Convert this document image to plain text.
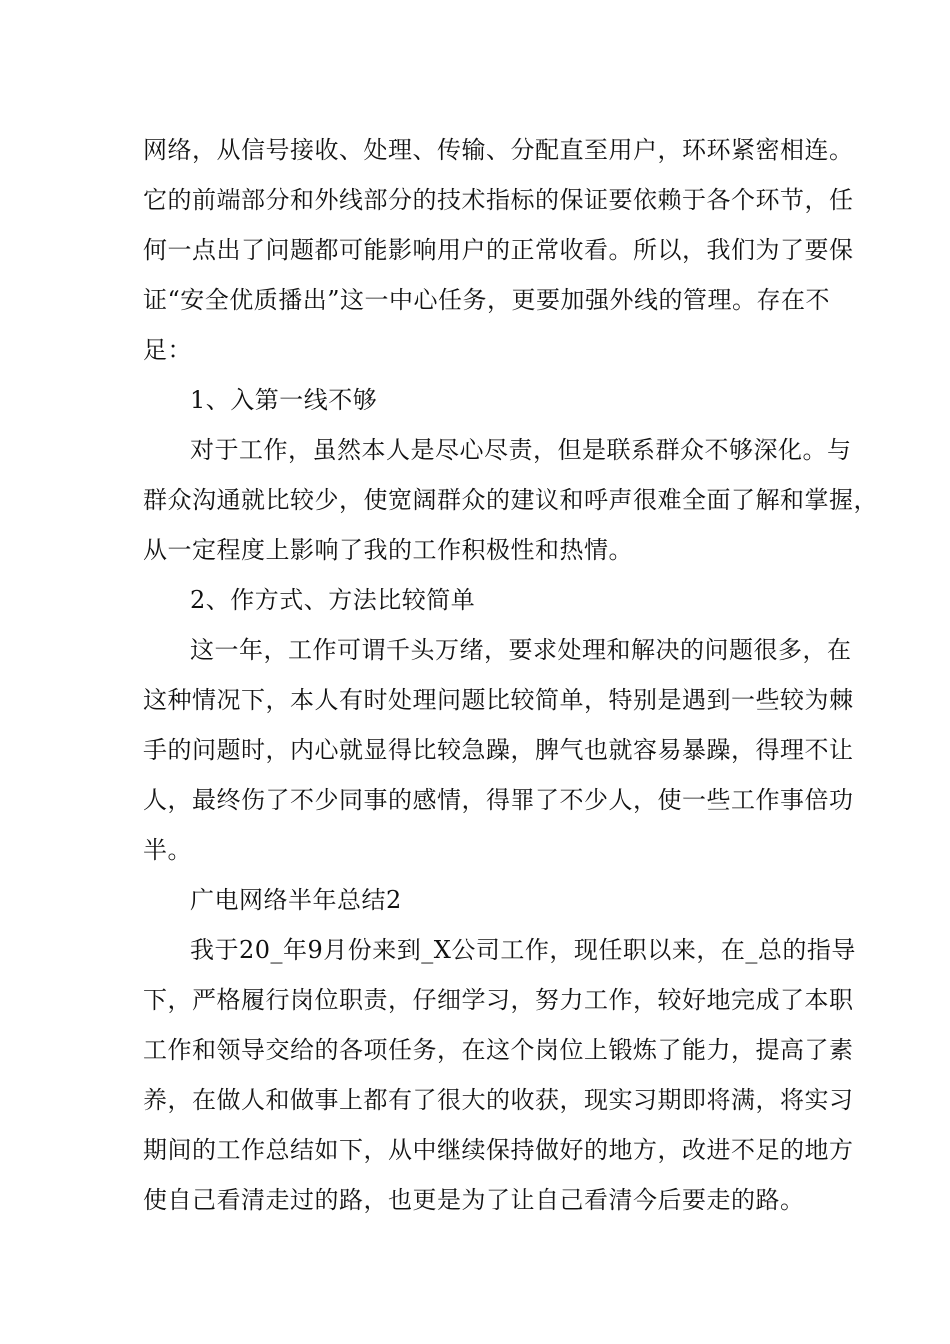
网络，从信号接收、处理、传输、分配直至用户，环环紧密相连。
它的前端部分和外线部分的技术指标的保证要依赖于各个环节，任
何一点出了问题都可能影响用户的正常收看。所以，我们为了要保
证“安全优质播出”这一中心任务，更要加强外线的管理。存在不
足：
1、入第一线不够
对于工作，虽然本人是尽心尽责，但是联系群众不够深化。与
群众沟通就比较少，使宽阔群众的建议和呼声很难全面了解和掌握，
从一定程度上影响了我的工作积极性和热情。
2、作方式、方法比较简单
这一年，工作可谓千头万绪，要求处理和解决的问题很多，在
这种情况下，本人有时处理问题比较简单，特别是遇到一些较为棘
手的问题时，内心就显得比较急躁，脾气也就容易暴躁，得理不让
人，最终伤了不少同事的感情，得罪了不少人，使一些工作事倍功
半。
广电网络半年总结2
我于20_年9月份来到_X公司工作，现任职以来，在_总的指导
下，严格履行岗位职责，仔细学习，努力工作，较好地完成了本职
工作和领导交给的各项任务，在这个岗位上锻炼了能力，提高了素
养，在做人和做事上都有了很大的收获，现实习期即将满，将实习
期间的工作总结如下，从中继续保持做好的地方，改进不足的地方
使自己看清走过的路，也更是为了让自己看清今后要走的路。
